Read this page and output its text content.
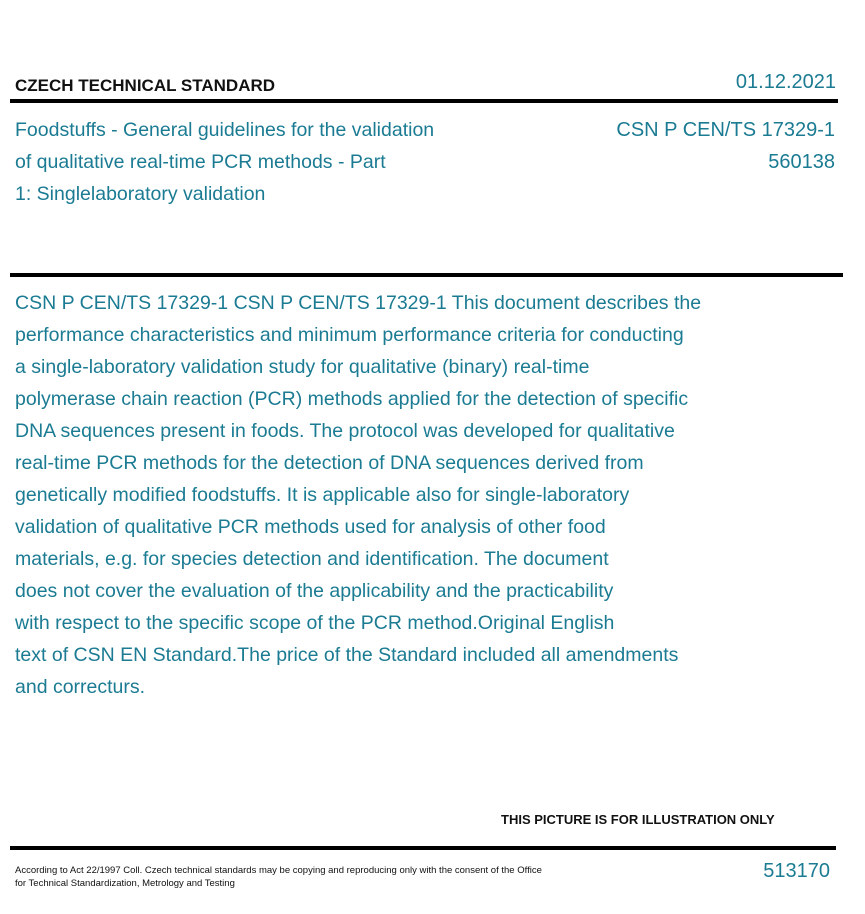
CZECH TECHNICAL STANDARD	01.12.2021
Foodstuffs - General guidelines for the validation
of qualitative real-time PCR methods - Part
1: Singlelaboratory validation
CSN P CEN/TS 17329-1
560138
CSN P CEN/TS 17329-1 CSN P CEN/TS 17329-1 This document describes the
performance characteristics and minimum performance criteria for conducting
a single-laboratory validation study for qualitative (binary) real-time
polymerase chain reaction (PCR) methods applied for the detection of specific
DNA sequences present in foods. The protocol was developed for qualitative
real-time PCR methods for the detection of DNA sequences derived from
genetically modified foodstuffs. It is applicable also for single-laboratory
validation of qualitative PCR methods used for analysis of other food
materials, e.g. for species detection and identification. The document
does not cover the evaluation of the applicability and the practicability
with respect to the specific scope of the PCR method.Original English
text of CSN EN Standard.The price of the Standard included all amendments
and correcturs.
THIS PICTURE IS FOR ILLUSTRATION ONLY
According to Act 22/1997 Coll. Czech technical standards may be copying and reproducing only with the consent of the Office
for Technical Standardization, Metrology and Testing
513170
